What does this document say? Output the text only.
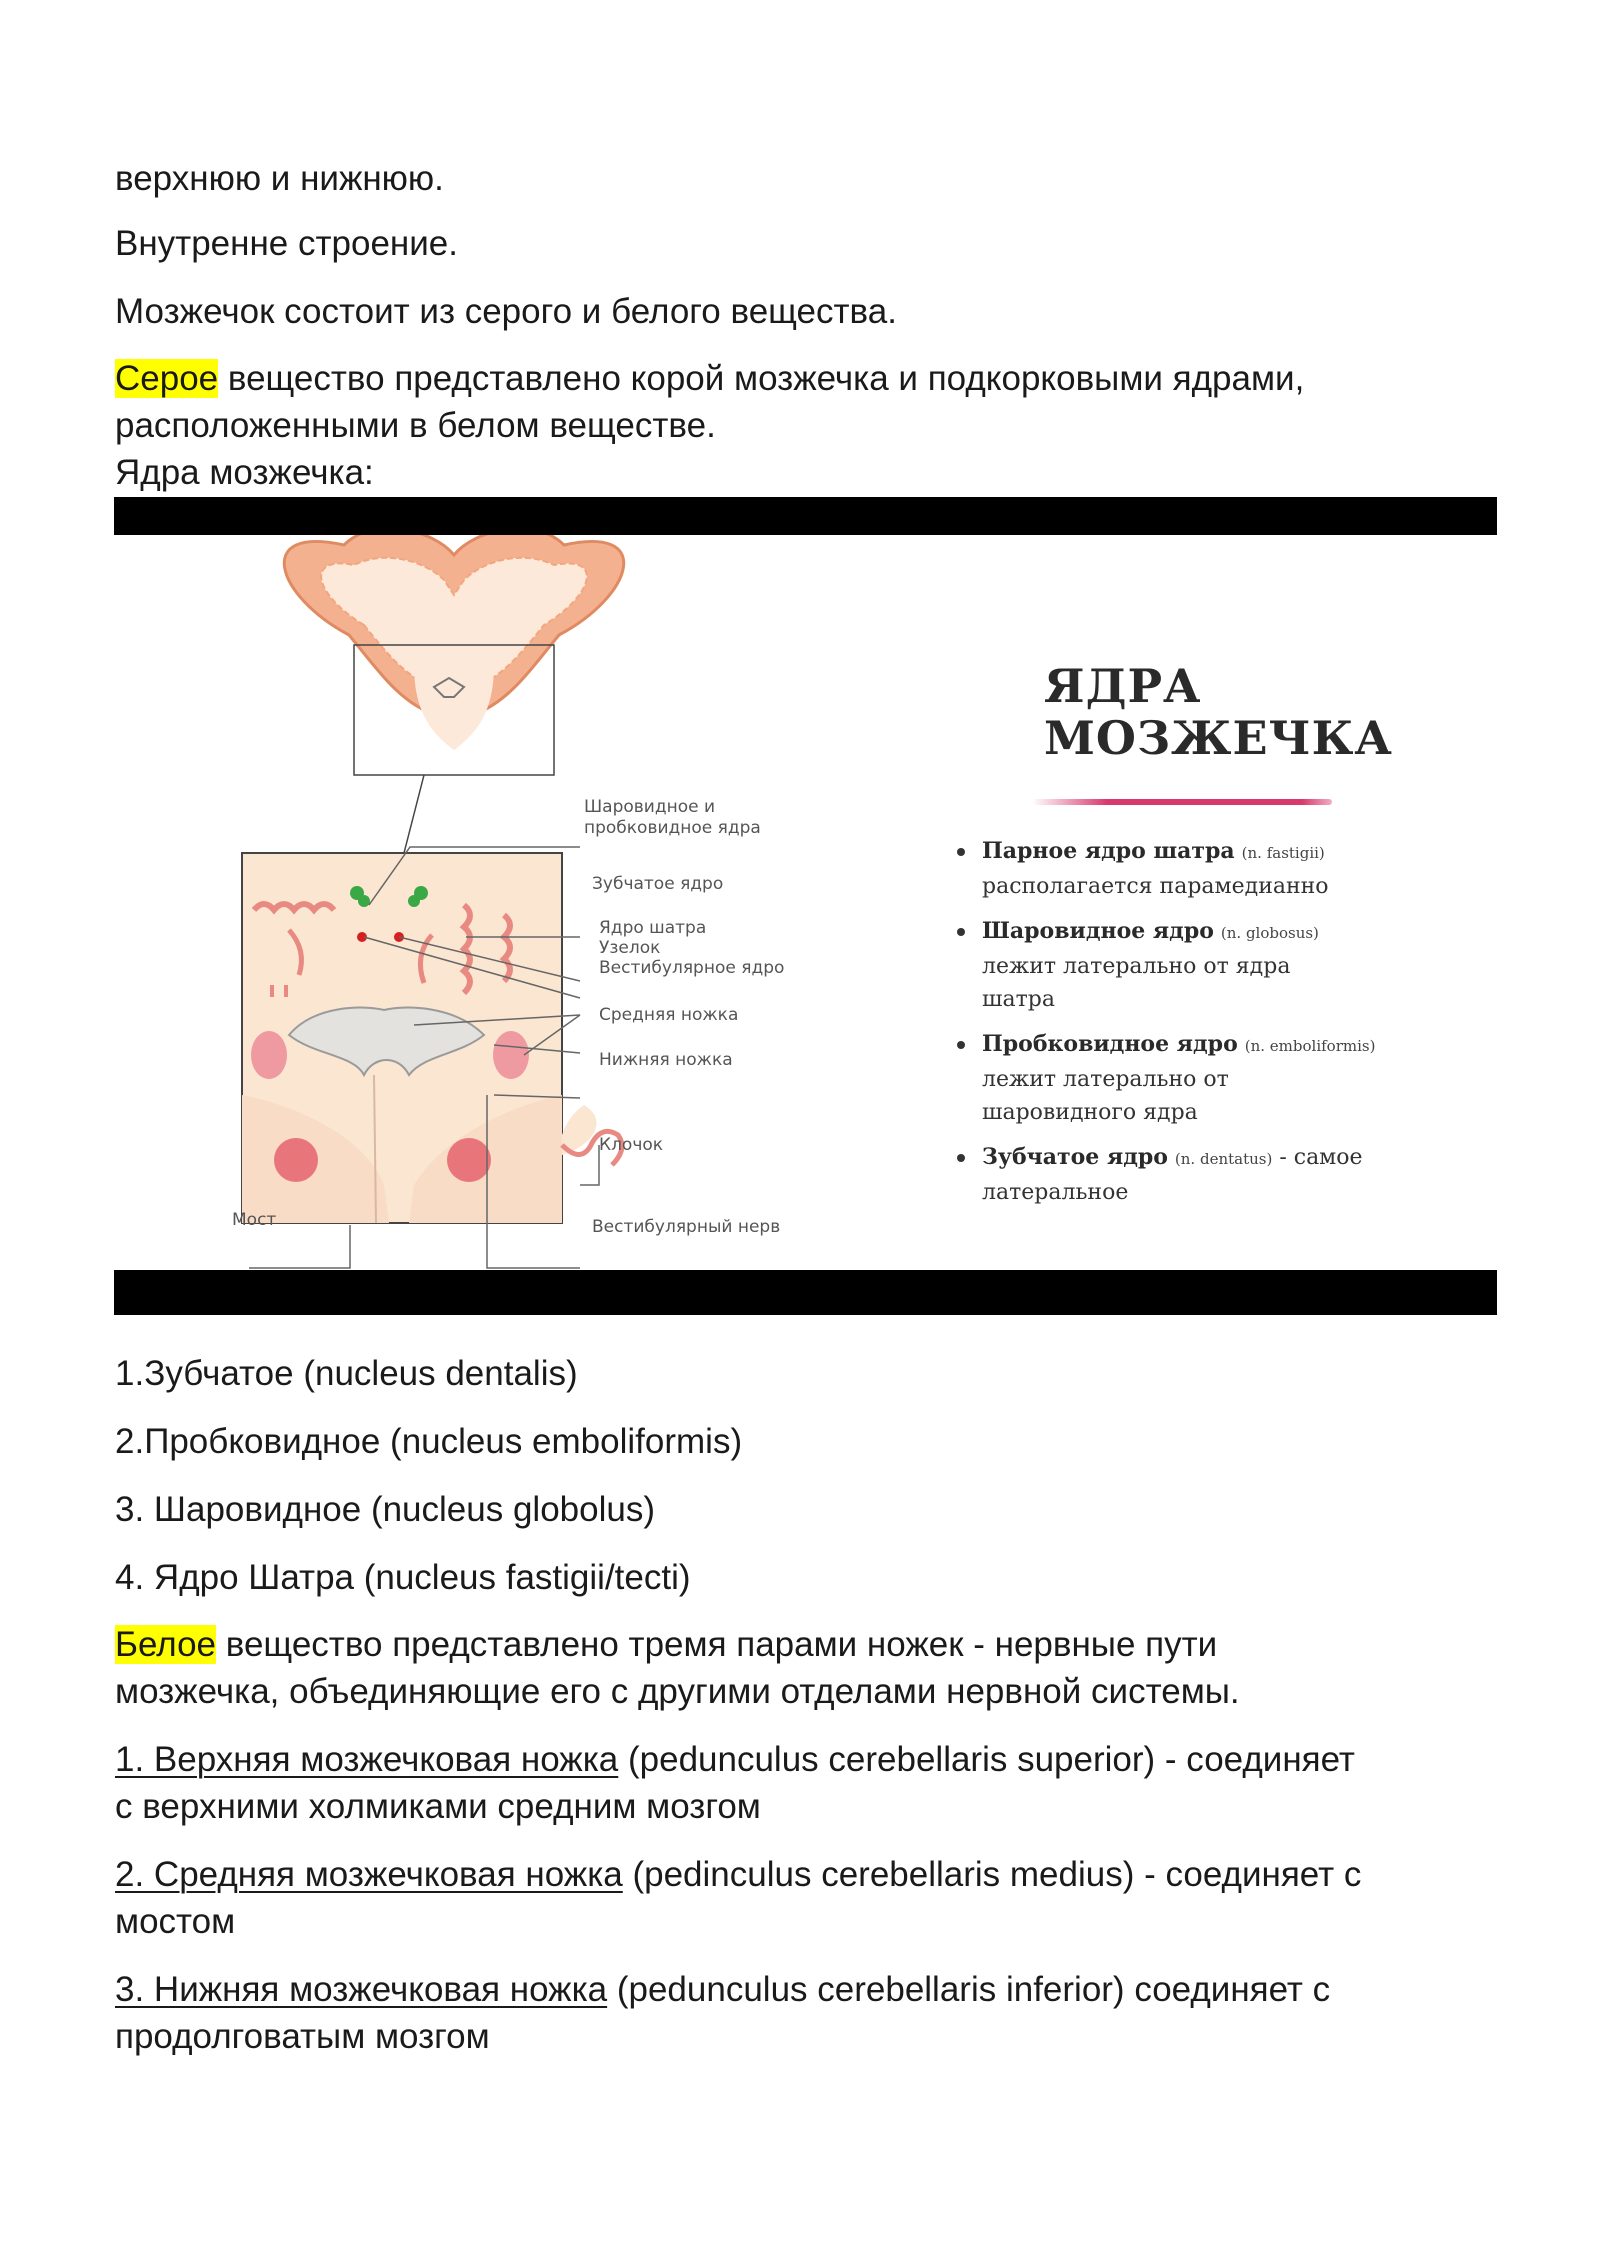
верхнюю и нижнюю.

Внутренне строение.

Мозжечок состоит из серого и белого вещества.

Серое вещество представлено корой мозжечка и подкорковыми ядрами,
расположенными в белом веществе.
Ядра мозжечка:
Шаровидное и
пробковидное ядра
Зубчатое ядро
Ядро шатра
Узелок
Вестибулярное ядро
Средняя ножка
Нижняя ножка
Клочок
Мост	Вестибулярный нерв
ЯДРА
МОЗЖЕЧКА
Парное ядро шатра (n. fastigii)
располагается парамедианно
Шаровидное ядро (n. globosus)
лежит латерально от ядра
шатра
Пробковидное ядро (n. emboliformis)
лежит латерально от
шаровидного ядра
Зубчатое ядро (n. dentatus) - самое
латеральное

1.Зубчатое (nucleus dentalis)

2.Пробковидное (nucleus emboliformis)

3. Шаровидное (nucleus globolus)

4. Ядро Шатра (nucleus fastigii/tecti)

Белое вещество представлено тремя парами ножек - нервные пути
мозжечка, объединяющие его с другими отделами нервной системы.
1. Верхняя мозжечковая ножка (pedunculus cerebellaris superior) - соединяет
с верхними холмиками средним мозгом
2. Средняя мозжечковая ножка (pedinculus cerebellaris medius) - соединяет с
мостом
3. Нижняя мозжечковая ножка (pedunculus cerebellaris inferior) соединяет с
продолговатым мозгом
